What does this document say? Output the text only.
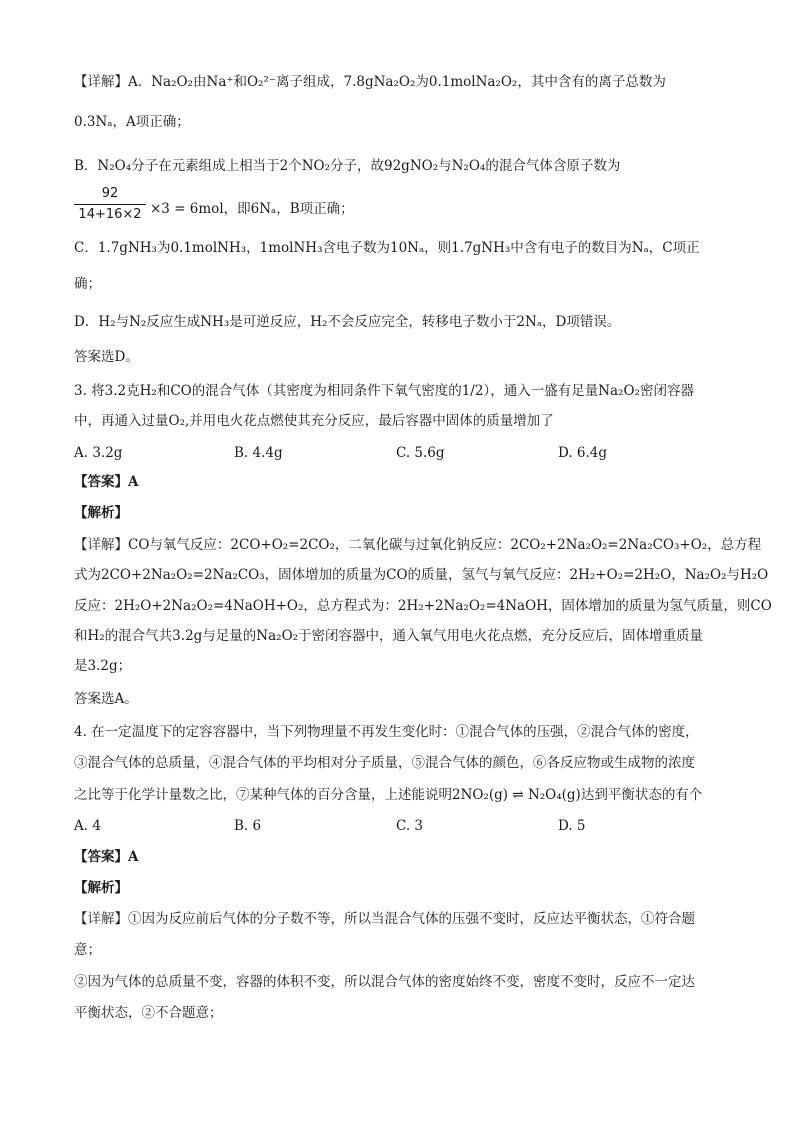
【详解】A．Na₂O₂由Na⁺和O₂²⁻离子组成，7.8gNa₂O₂为0.1molNa₂O₂，其中含有的离子总数为
0.3Nₐ，A项正确；
B．N₂O₄分子在元素组成上相当于2个NO₂分子，故92gNO₂与N₂O₄的混合气体含原子数为
92
14+16×2 ×3 = 6mol，即6Nₐ，B项正确；
C．1.7gNH₃为0.1molNH₃，1molNH₃含电子数为10Nₐ，则1.7gNH₃中含有电子的数目为Nₐ，C项正
确；
D．H₂与N₂反应生成NH₃是可逆反应，H₂不会反应完全，转移电子数小于2Nₐ，D项错误。
答案选D。
3. 将3.2克H₂和CO的混合气体（其密度为相同条件下氧气密度的1/2），通入一盛有足量Na₂O₂密闭容器
中，再通入过量O₂,并用电火花点燃使其充分反应，最后容器中固体的质量增加了
A. 3.2g	B. 4.4g	C. 5.6g	D. 6.4g
【答案】A
【解析】
【详解】CO与氧气反应：2CO+O₂=2CO₂，二氧化碳与过氧化钠反应：2CO₂+2Na₂O₂=2Na₂CO₃+O₂，总方程
式为2CO+2Na₂O₂=2Na₂CO₃，固体增加的质量为CO的质量，氢气与氧气反应：2H₂+O₂=2H₂O，Na₂O₂与H₂O
反应：2H₂O+2Na₂O₂=4NaOH+O₂，总方程式为：2H₂+2Na₂O₂=4NaOH，固体增加的质量为氢气质量，则CO
和H₂的混合气共3.2g与足量的Na₂O₂于密闭容器中，通入氧气用电火花点燃，充分反应后，固体增重质量
是3.2g；
答案选A。
4. 在一定温度下的定容容器中，当下列物理量不再发生变化时：①混合气体的压强，②混合气体的密度，
③混合气体的总质量，④混合气体的平均相对分子质量，⑤混合气体的颜色，⑥各反应物或生成物的浓度
之比等于化学计量数之比，⑦某种气体的百分含量，上述能说明2NO₂(g) ⇌ N₂O₄(g)达到平衡状态的有个
A. 4	B. 6	C. 3	D. 5
【答案】A
【解析】
【详解】①因为反应前后气体的分子数不等，所以当混合气体的压强不变时，反应达平衡状态，①符合题
意；
②因为气体的总质量不变，容器的体积不变，所以混合气体的密度始终不变，密度不变时，反应不一定达
平衡状态，②不合题意；
